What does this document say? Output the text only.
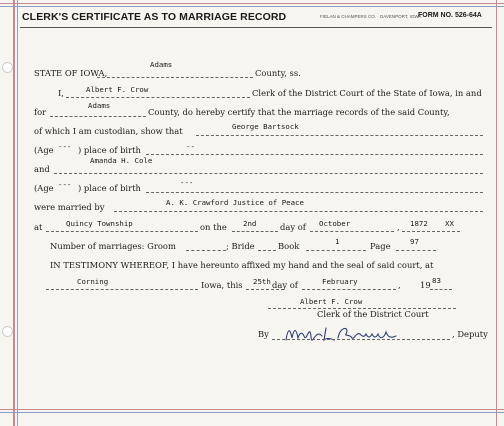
CLERK'S CERTIFICATE AS TO MARRIAGE RECORD	FIELAN & CHAMPERS CO. · DAVENPORT, IOWA
FORM NO. 526-64A
STATE OF IOWA,
Adams
County, ss.
I,	Albert F. Crow	Clerk of the District Court of the State of Iowa, in and
for
Adams
County, do hereby certify that the marriage records of the said County,
of which I am custodian, show that	George Bartsock
(Age --- ) place of birth	--
and
Amanda H. Cole
(Age --- ) place of birth
---
were married by	A. K. Crawford Justice of Peace
at	Quincy Township	on the 2nd	day of October	, 1872 XX
Number of marriages: Groom	; Bride	Book	1	Page	97
IN TESTIMONY WHEREOF, I have hereunto affixed my hand and the seal of said court, at
Corning	Iowa, this 25th day of	February	, 19 83
Albert F. Crow
Clerk of the District Court
By	, Deputy
